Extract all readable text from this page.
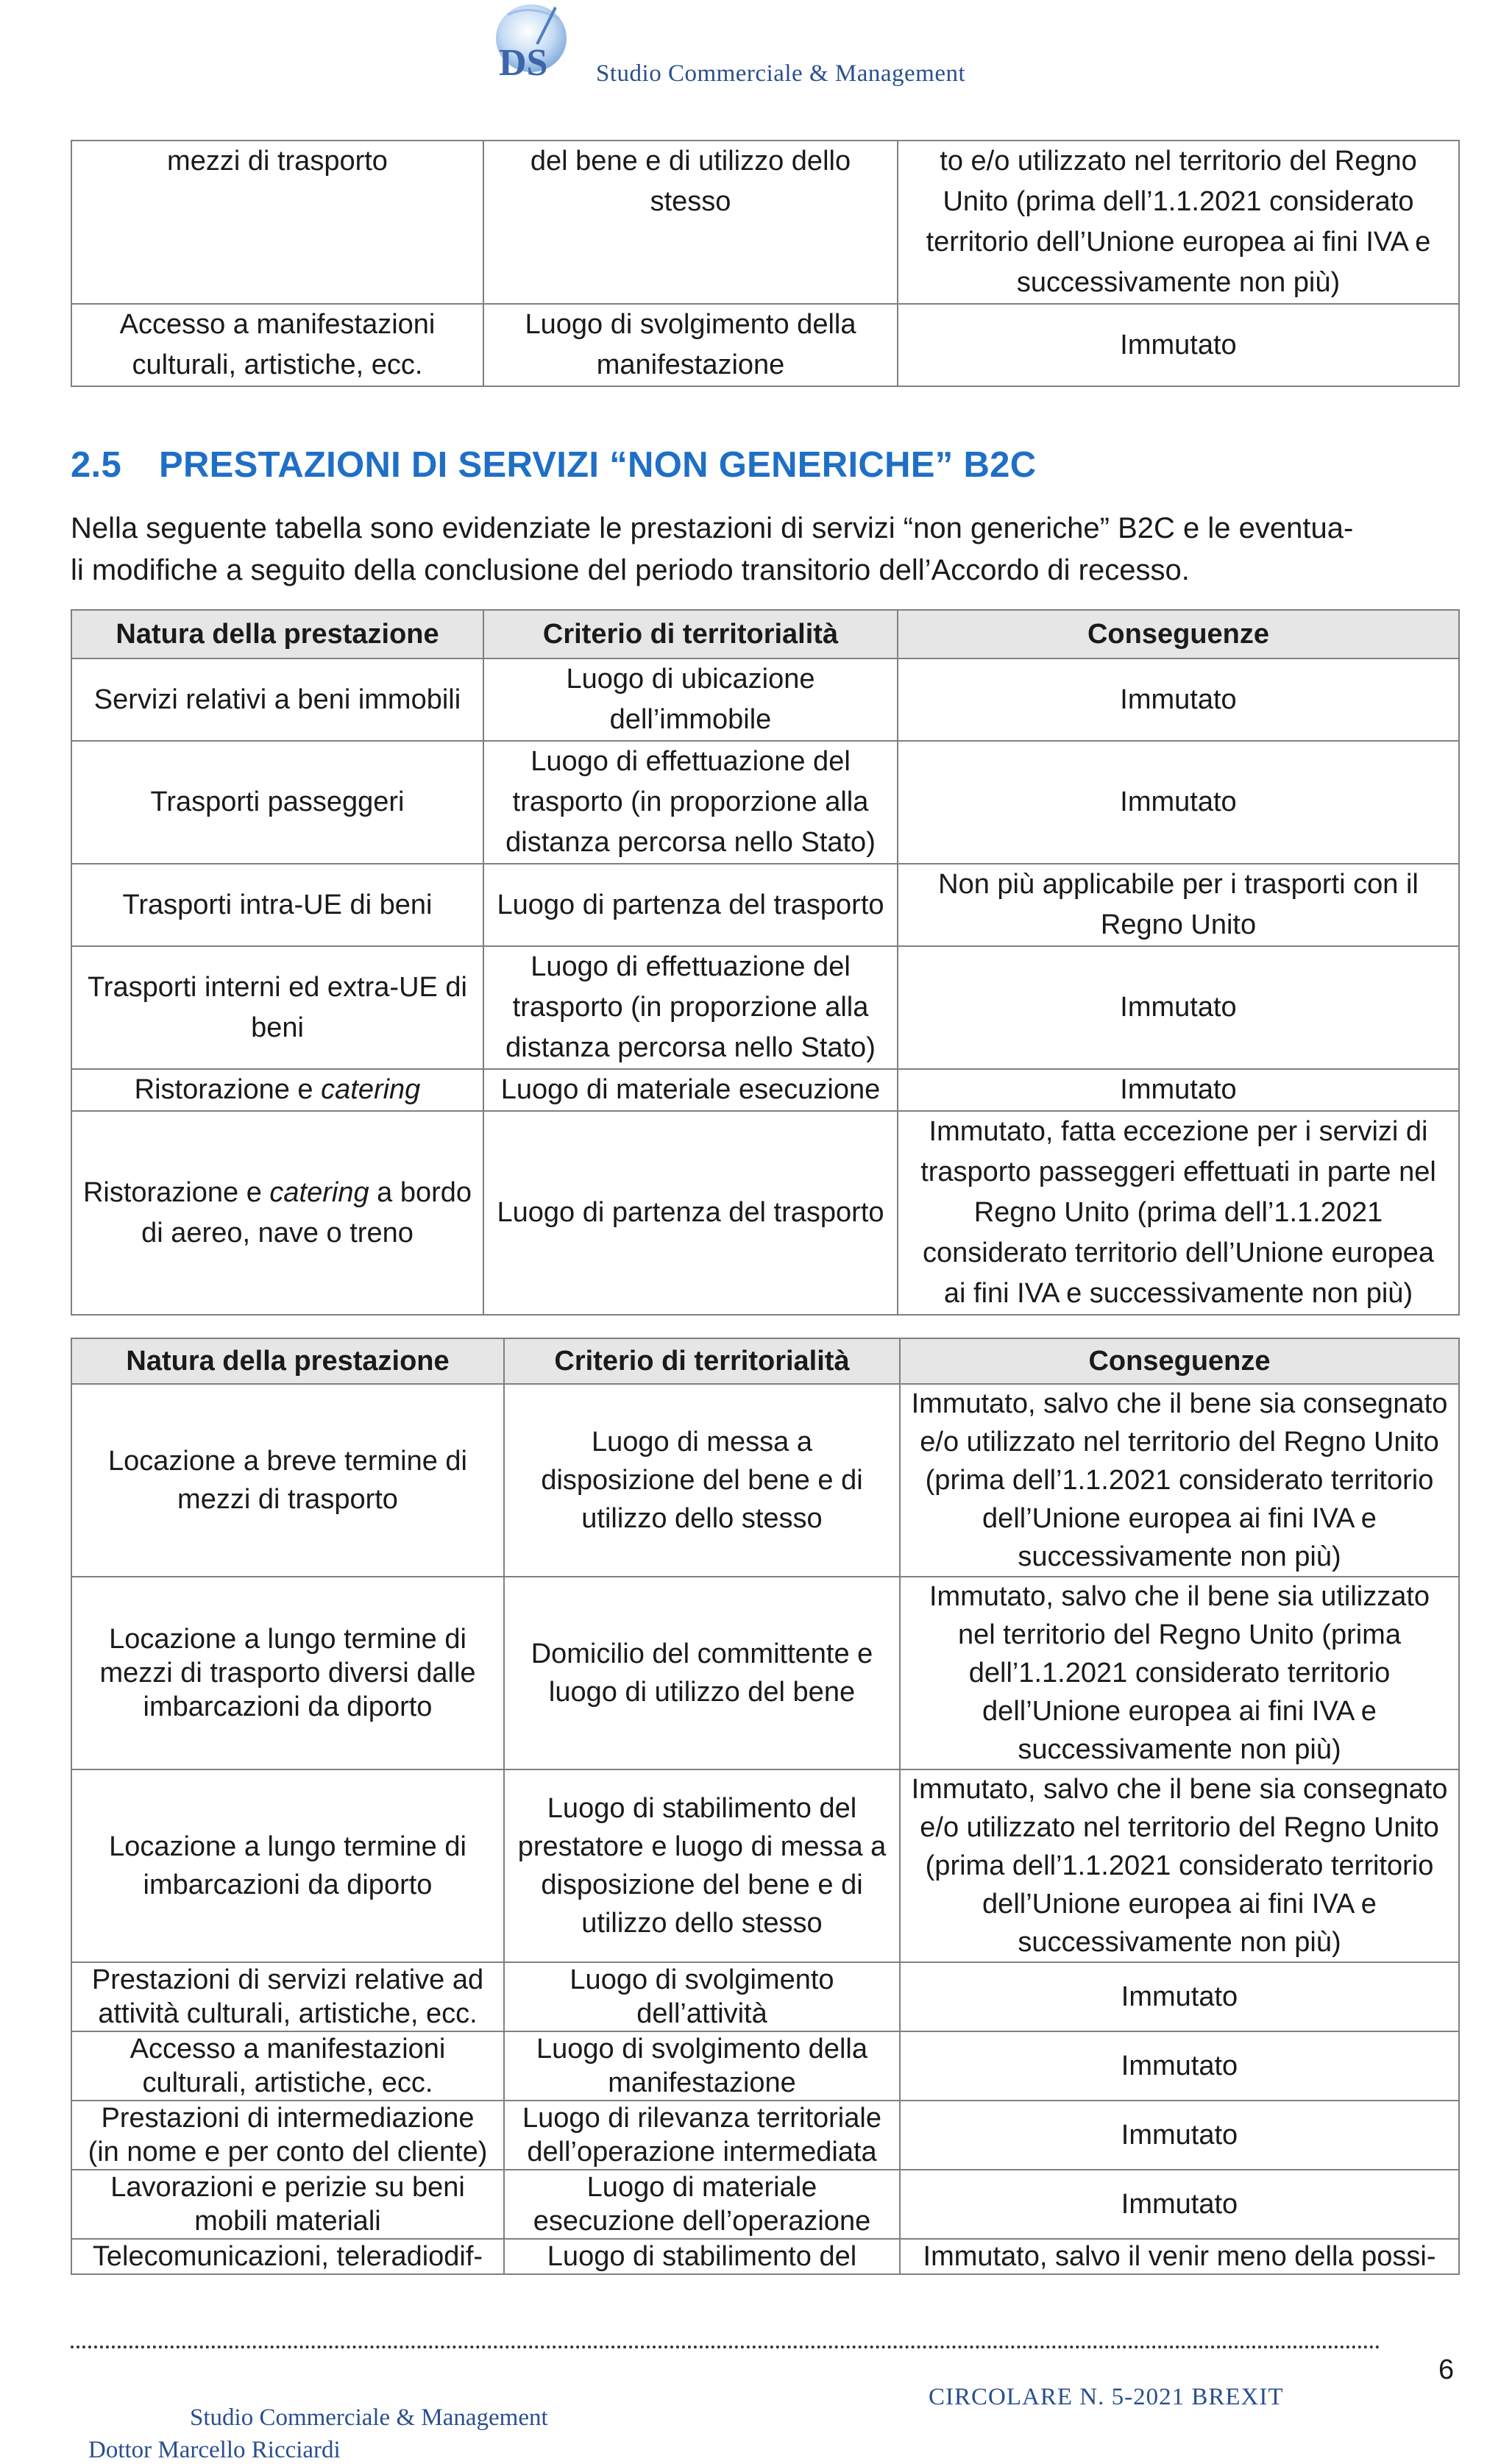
DS Studio Commerciale & Management
mezzi di trasporto	del bene e di utilizzo dello stesso	to e/o utilizzato nel territorio del Regno Unito (prima dell’1.1.2021 considerato territorio dell’Unione europea ai fini IVA e successivamente non più)
Accesso a manifestazioni culturali, artistiche, ecc.	Luogo di svolgimento della manifestazione	Immutato
2.5 PRESTAZIONI DI SERVIZI “NON GENERICHE” B2C
Nella seguente tabella sono evidenziate le prestazioni di servizi “non generiche” B2C e le eventua-
li modifiche a seguito della conclusione del periodo transitorio dell’Accordo di recesso.
Natura della prestazione	Criterio di territorialità	Conseguenze
Servizi relativi a beni immobili	Luogo di ubicazione dell’immobile	Immutato
Trasporti passeggeri	Luogo di effettuazione del trasporto (in proporzione alla distanza percorsa nello Stato)	Immutato
Trasporti intra-UE di beni	Luogo di partenza del trasporto	Non più applicabile per i trasporti con il Regno Unito
Trasporti interni ed extra-UE di beni	Luogo di effettuazione del trasporto (in proporzione alla distanza percorsa nello Stato)	Immutato
Ristorazione e catering	Luogo di materiale esecuzione	Immutato
Ristorazione e catering a bordo di aereo, nave o treno	Luogo di partenza del trasporto	Immutato, fatta eccezione per i servizi di trasporto passeggeri effettuati in parte nel Regno Unito (prima dell’1.1.2021 considerato territorio dell’Unione europea ai fini IVA e successivamente non più)
Natura della prestazione	Criterio di territorialità	Conseguenze
Locazione a breve termine di mezzi di trasporto	Luogo di messa a disposizione del bene e di utilizzo dello stesso	Immutato, salvo che il bene sia consegnato e/o utilizzato nel territorio del Regno Unito (prima dell’1.1.2021 considerato territorio dell’Unione europea ai fini IVA e successivamente non più)
Locazione a lungo termine di mezzi di trasporto diversi dalle imbarcazioni da diporto	Domicilio del committente e luogo di utilizzo del bene	Immutato, salvo che il bene sia utilizzato nel territorio del Regno Unito (prima dell’1.1.2021 considerato territorio dell’Unione europea ai fini IVA e successivamente non più)
Locazione a lungo termine di imbarcazioni da diporto	Luogo di stabilimento del prestatore e luogo di messa a disposizione del bene e di utilizzo dello stesso	Immutato, salvo che il bene sia consegnato e/o utilizzato nel territorio del Regno Unito (prima dell’1.1.2021 considerato territorio dell’Unione europea ai fini IVA e successivamente non più)
Prestazioni di servizi relative ad attività culturali, artistiche, ecc.	Luogo di svolgimento dell’attività	Immutato
Accesso a manifestazioni culturali, artistiche, ecc.	Luogo di svolgimento della manifestazione	Immutato
Prestazioni di intermediazione (in nome e per conto del cliente)	Luogo di rilevanza territoriale dell’operazione intermediata	Immutato
Lavorazioni e perizie su beni mobili materiali	Luogo di materiale esecuzione dell’operazione	Immutato
Telecomunicazioni, teleradiodif-	Luogo di stabilimento del	Immutato, salvo il venir meno della possi-
6
CIRCOLARE N. 5-2021 BREXIT
Studio Commerciale & Management
Dottor Marcello Ricciardi
